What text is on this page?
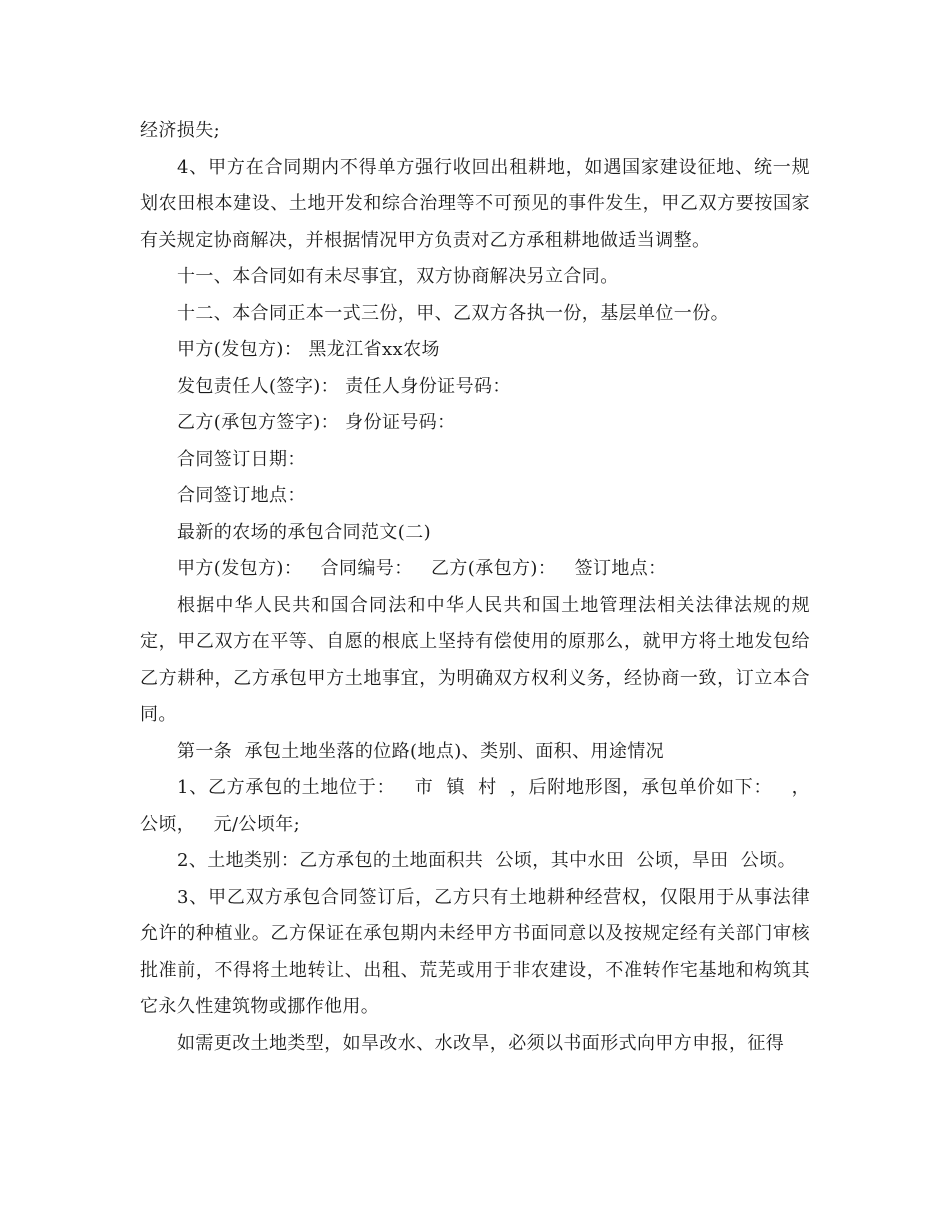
经济损失;

4、甲方在合同期内不得单方强行收回出租耕地，如遇国家建设征地、统一规划农田根本建设、土地开发和综合治理等不可预见的事件发生，甲乙双方要按国家有关规定协商解决，并根据情况甲方负责对乙方承租耕地做适当调整。

十一、本合同如有未尽事宜，双方协商解决另立合同。

十二、本合同正本一式三份，甲、乙双方各执一份，基层单位一份。

甲方(发包方)： 黑龙江省xx农场

发包责任人(签字)： 责任人身份证号码：

乙方(承包方签字)： 身份证号码：

合同签订日期：

合同签订地点：

最新的农场的承包合同范文(二)

甲方(发包方)：   合同编号：   乙方(承包方)：   签订地点：

根据中华人民共和国合同法和中华人民共和国土地管理法相关法律法规的规定，甲乙双方在平等、自愿的根底上坚持有偿使用的原那么，就甲方将土地发包给乙方耕种，乙方承包甲方土地事宜，为明确双方权利义务，经协商一致，订立本合同。

第一条  承包土地坐落的位路(地点)、类别、面积、用途情况

1、乙方承包的土地位于：   市  镇  村  ，后附地形图，承包单价如下：   ，   公顷，   元/公顷年;

2、土地类别：乙方承包的土地面积共  公顷，其中水田  公顷，旱田  公顷。

3、甲乙双方承包合同签订后，乙方只有土地耕种经营权，仅限用于从事法律允许的种植业。乙方保证在承包期内未经甲方书面同意以及按规定经有关部门审核批准前，不得将土地转让、出租、荒芜或用于非农建设，不准转作宅基地和构筑其它永久性建筑物或挪作他用。

如需更改土地类型，如旱改水、水改旱，必须以书面形式向甲方申报，征得
